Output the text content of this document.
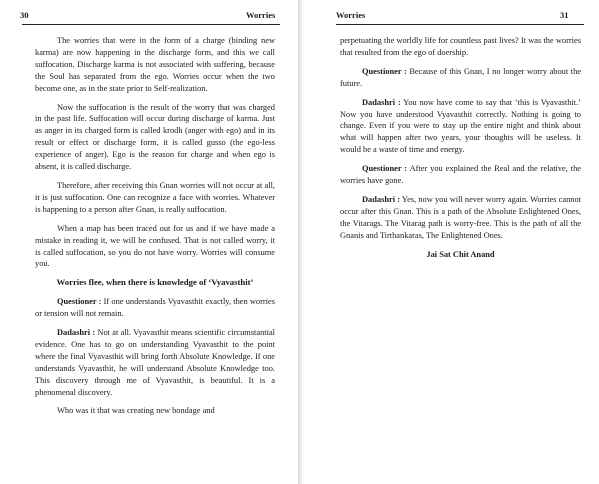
30	Worries

The worries that were in the form of a charge (binding new karma) are now happening in the discharge form, and this we call suffocation. Discharge karma is not associated with suffering, because the Soul has separated from the ego. Worries occur when the two become one, as in the state prior to Self-realization.

Now the suffocation is the result of the worry that was charged in the past life. Suffocation will occur during discharge of karma. Just as anger in its charged form is called krodh (anger with ego) and in its result or effect or discharge form, it is called gusso (the ego-less experience of anger). Ego is the reason for charge and when ego is absent, it is called discharge.

Therefore, after receiving this Gnan worries will not occur at all, it is just suffocation. One can recognize a face with worries. Whatever is happening to a person after Gnan, is really suffocation.

When a map has been traced out for us and if we have made a mistake in reading it, we will be confused. That is not called worry, it is called suffocation, so you do not have worry. Worries will consume you.

Worries flee, when there is knowledge of ‘Vyavasthit’

Questioner : If one understands Vyavasthit exactly, then worries or tension will not remain.

Dadashri : Not at all. Vyavasthit means scientific circumstantial evidence. One has to go on understanding Vyavasthit to the point where the final Vyavasthit will bring forth Absolute Knowledge. If one understands Vyavasthit, he will understand Absolute Knowledge too. This discovery through me of Vyavasthit, is beautiful. It is a phenomenal discovery.

Who was it that was creating new bondage and

Worries	31

perpetuating the worldly life for countless past lives? It was the worries that resulted from the ego of doership.

Questioner : Because of this Gnan, I no longer worry about the future.

Dadashri : You now have come to say that ‘this is Vyavasthit.’ Now you have understood Vyavasthit correctly. Nothing is going to change. Even if you were to stay up the entire night and think about what will happen after two years, your thoughts will be useless. It would be a waste of time and energy.

Questioner : After you explained the Real and the relative, the worries have gone.

Dadashri : Yes, now you will never worry again. Worries cannot occur after this Gnan. This is a path of the Absolute Enlightened Ones, the Vitarags. The Vitarag path is worry-free. This is the path of all the Gnanis and Tirthankaras, The Enlightened Ones.

Jai Sat Chit Anand
